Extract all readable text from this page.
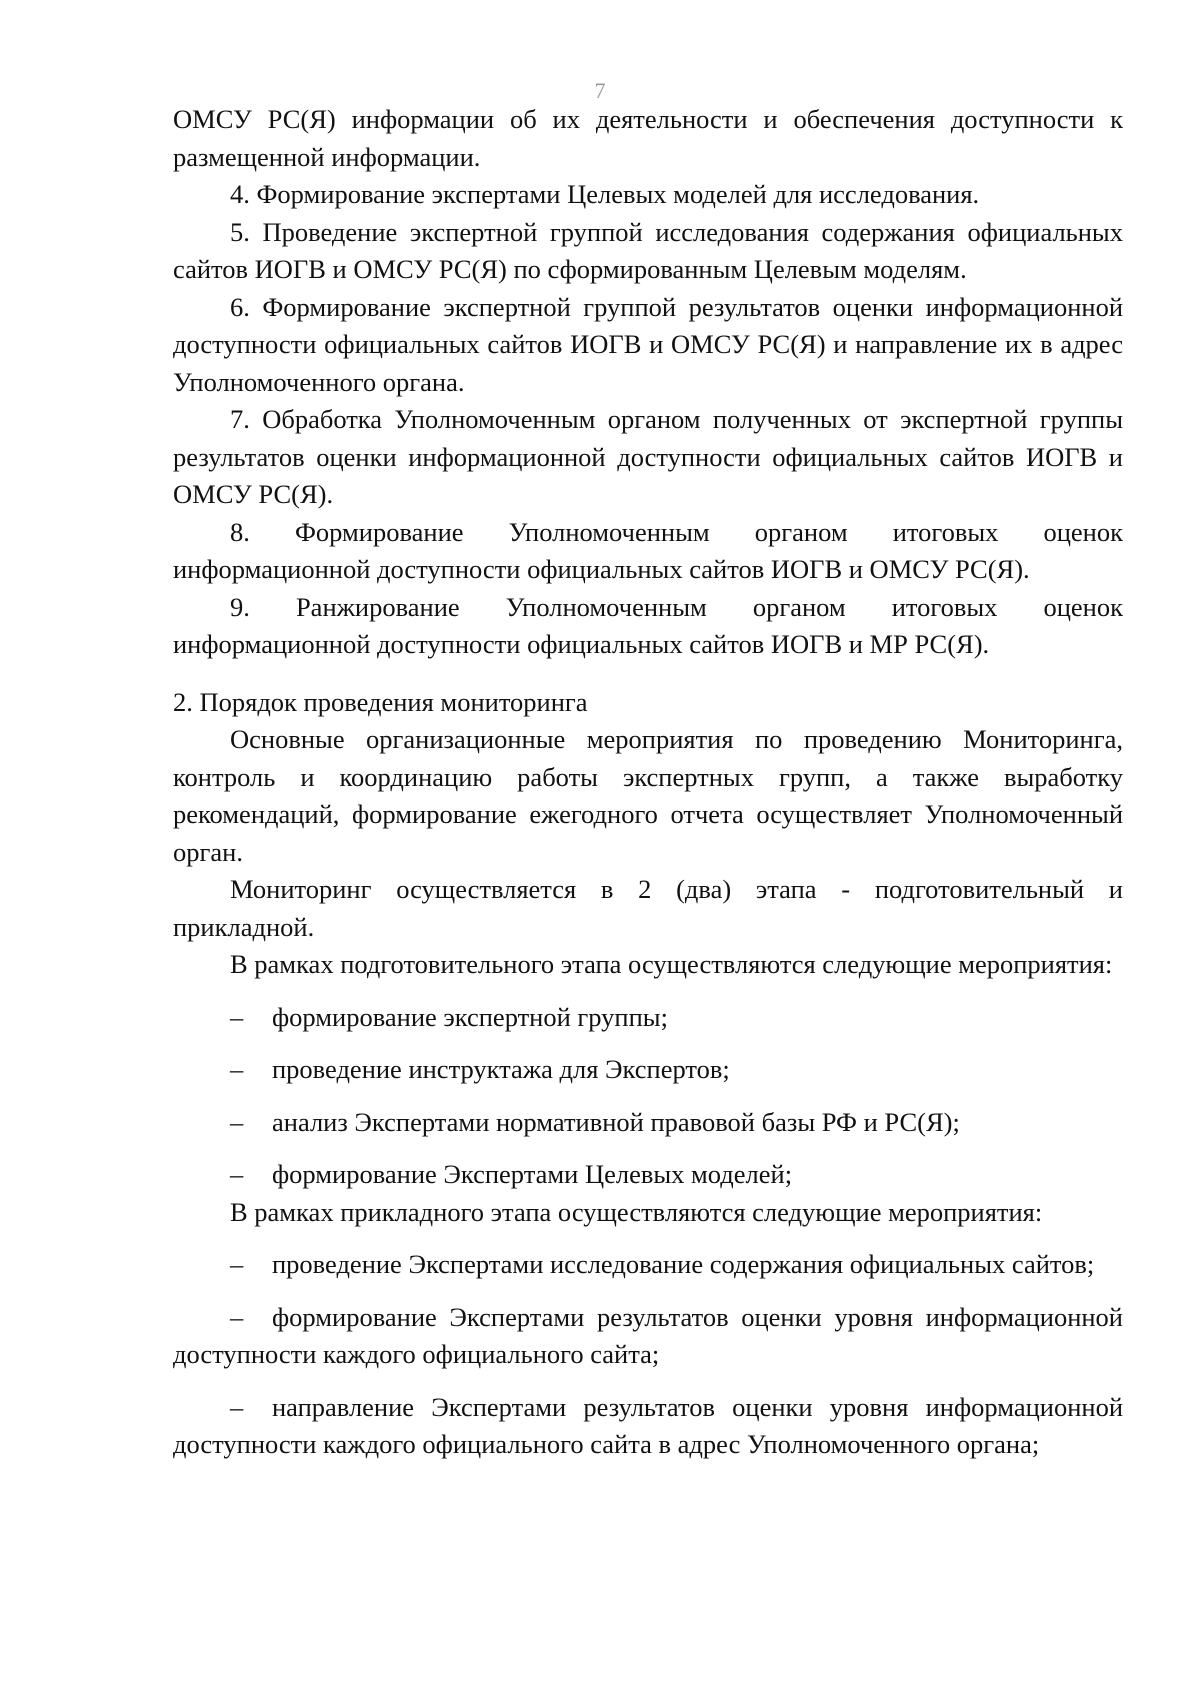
7

ОМСУ РС(Я) информации об их деятельности и обеспечения доступности к размещенной информации.

4. Формирование экспертами Целевых моделей для исследования.

5. Проведение экспертной группой исследования содержания официальных сайтов ИОГВ и ОМСУ РС(Я) по сформированным Целевым моделям.

6. Формирование экспертной группой результатов оценки информационной доступности официальных сайтов ИОГВ и ОМСУ РС(Я) и направление их в адрес Уполномоченного органа.

7. Обработка Уполномоченным органом полученных от экспертной группы результатов оценки информационной доступности официальных сайтов ИОГВ и ОМСУ РС(Я).

8. Формирование Уполномоченным органом итоговых оценок информационной доступности официальных сайтов ИОГВ и ОМСУ РС(Я).

9. Ранжирование Уполномоченным органом итоговых оценок информационной доступности официальных сайтов ИОГВ и МР РС(Я).

2. Порядок проведения мониторинга

Основные организационные мероприятия по проведению Мониторинга, контроль и координацию работы экспертных групп, а также выработку рекомендаций, формирование ежегодного отчета осуществляет Уполномоченный орган.

Мониторинг осуществляется в 2 (два) этапа - подготовительный и прикладной.

В рамках подготовительного этапа осуществляются следующие мероприятия:

– формирование экспертной группы;

– проведение инструктажа для Экспертов;

– анализ Экспертами нормативной правовой базы РФ и РС(Я);

– формирование Экспертами Целевых моделей;

В рамках прикладного этапа осуществляются следующие мероприятия:

– проведение Экспертами исследование содержания официальных сайтов;

– формирование Экспертами результатов оценки уровня информационной доступности каждого официального сайта;

– направление Экспертами результатов оценки уровня информационной доступности каждого официального сайта в адрес Уполномоченного органа;
